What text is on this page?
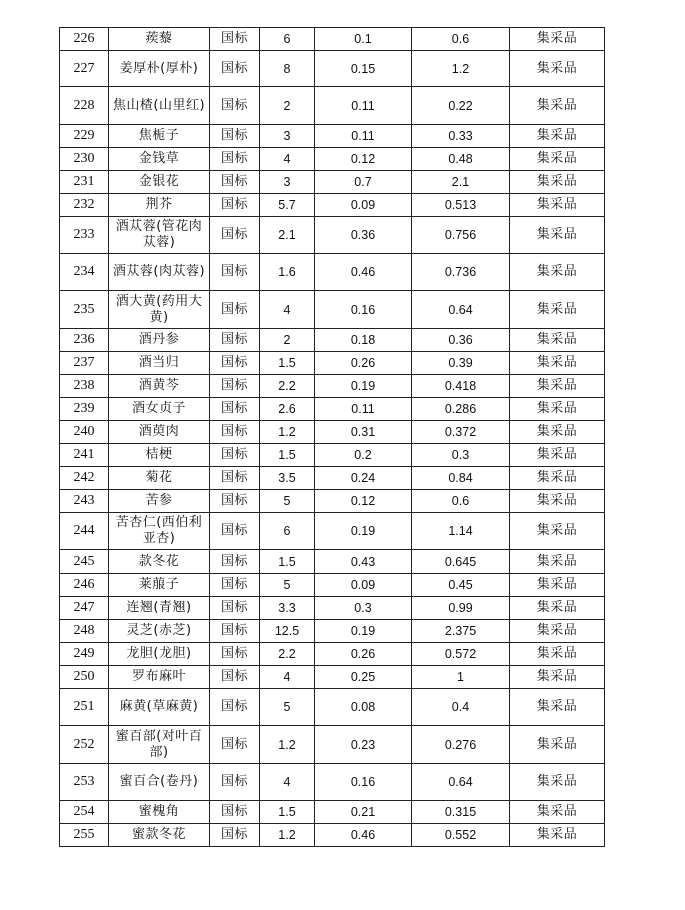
226	蒺藜	国标	6	0.1	0.6	集采品
227	姜厚朴(厚朴)	国标	8	0.15	1.2	集采品
228	焦山楂(山里红)	国标	2	0.11	0.22	集采品
229	焦栀子	国标	3	0.11	0.33	集采品
230	金钱草	国标	4	0.12	0.48	集采品
231	金银花	国标	3	0.7	2.1	集采品
232	荆芥	国标	5.7	0.09	0.513	集采品
233	酒苁蓉(管花肉苁蓉)	国标	2.1	0.36	0.756	集采品
234	酒苁蓉(肉苁蓉)	国标	1.6	0.46	0.736	集采品
235	酒大黄(药用大黄)	国标	4	0.16	0.64	集采品
236	酒丹参	国标	2	0.18	0.36	集采品
237	酒当归	国标	1.5	0.26	0.39	集采品
238	酒黄芩	国标	2.2	0.19	0.418	集采品
239	酒女贞子	国标	2.6	0.11	0.286	集采品
240	酒萸肉	国标	1.2	0.31	0.372	集采品
241	桔梗	国标	1.5	0.2	0.3	集采品
242	菊花	国标	3.5	0.24	0.84	集采品
243	苦参	国标	5	0.12	0.6	集采品
244	苦杏仁(西伯利亚杏)	国标	6	0.19	1.14	集采品
245	款冬花	国标	1.5	0.43	0.645	集采品
246	莱菔子	国标	5	0.09	0.45	集采品
247	连翘(青翘)	国标	3.3	0.3	0.99	集采品
248	灵芝(赤芝)	国标	12.5	0.19	2.375	集采品
249	龙胆(龙胆)	国标	2.2	0.26	0.572	集采品
250	罗布麻叶	国标	4	0.25	1	集采品
251	麻黄(草麻黄)	国标	5	0.08	0.4	集采品
252	蜜百部(对叶百部)	国标	1.2	0.23	0.276	集采品
253	蜜百合(卷丹)	国标	4	0.16	0.64	集采品
254	蜜槐角	国标	1.5	0.21	0.315	集采品
255	蜜款冬花	国标	1.2	0.46	0.552	集采品
